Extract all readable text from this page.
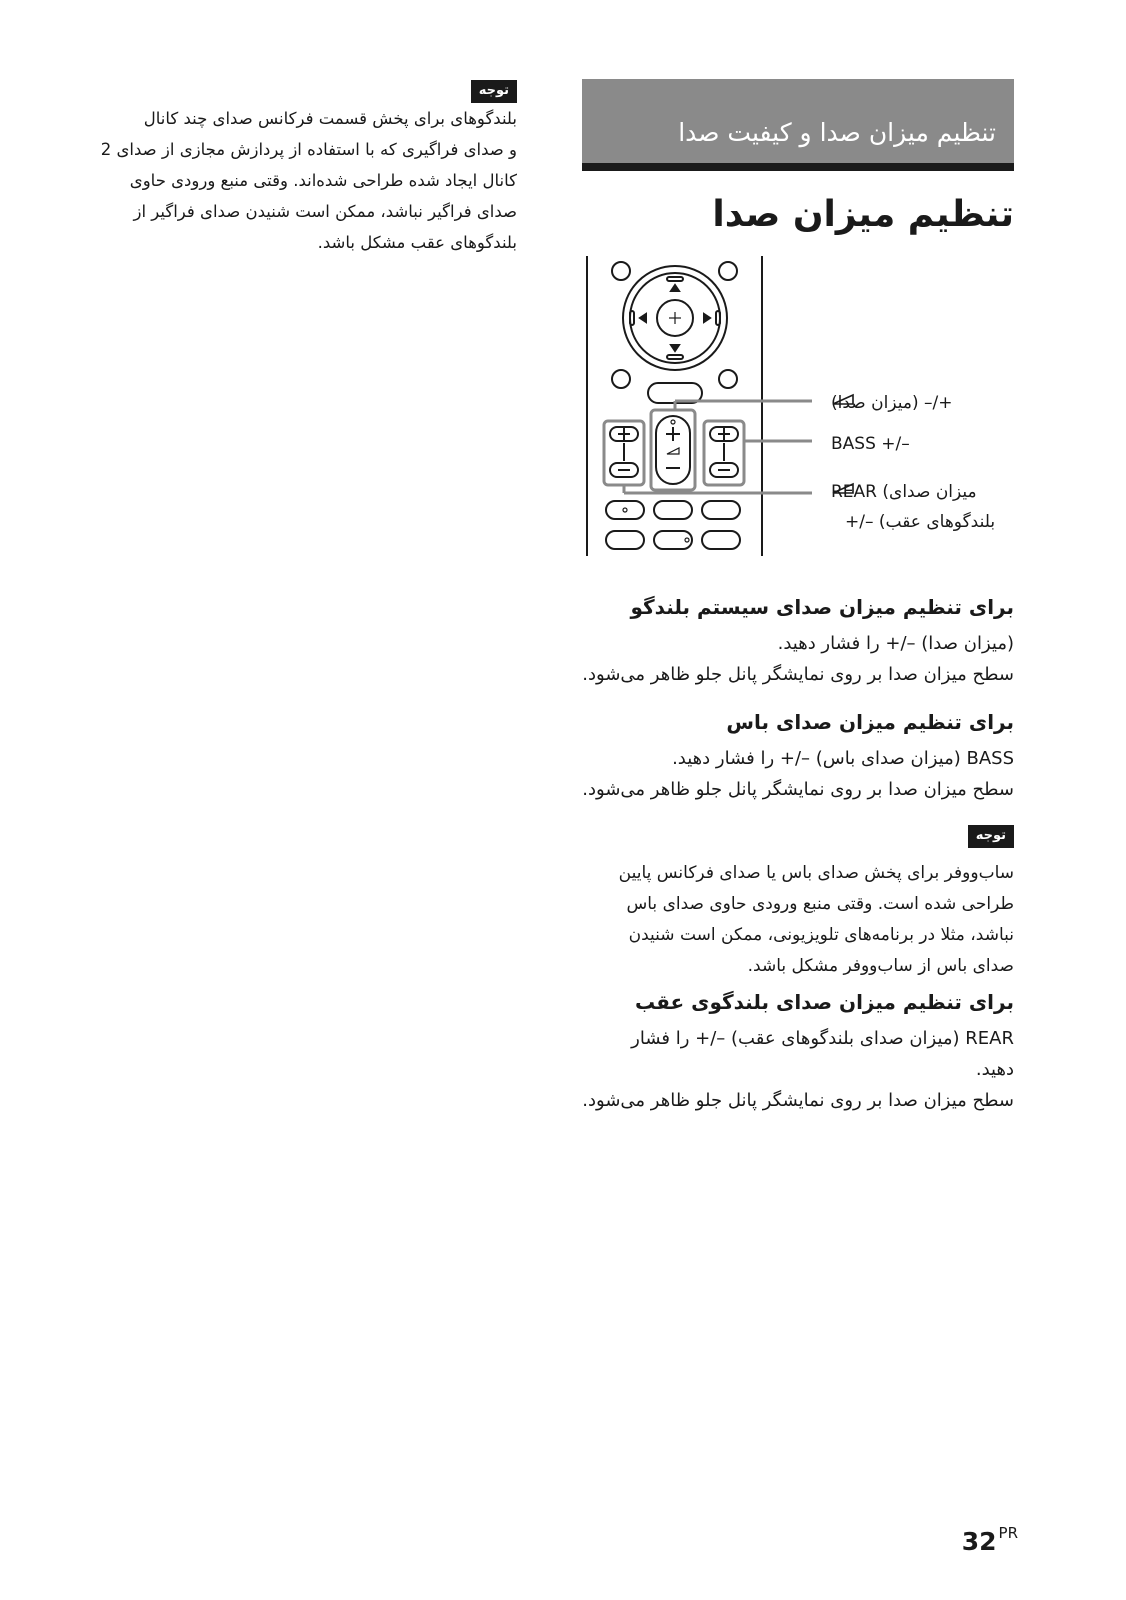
توجه
بلندگوهای برای پخش قسمت فرکانس صدای چند کانال
و صدای فراگیری که با استفاده از پردازش مجازی از صدای 2
کانال ایجاد شده طراحی شده‌اند. وقتی منبع ورودی حاوی
صدای فراگیر نباشد، ممکن است شنیدن صدای فراگیر از
بلندگوهای عقب مشکل باشد.
تنظیم میزان صدا و کیفیت صدا
تنظیم میزان صدا
(میزان صدا) –/+
BASS +/–
REAR (میزان صدای
بلندگوهای عقب) –/+
برای تنظیم میزان صدای سیستم بلندگو

(میزان صدا) –/+ را فشار دهید.

سطح میزان صدا بر روی نمایشگر پانل جلو ظاهر می‌شود.

برای تنظیم میزان صدای باس

BASS (میزان صدای باس) –/+ را فشار دهید.

سطح میزان صدا بر روی نمایشگر پانل جلو ظاهر می‌شود.

توجه
ساب‌ووفر برای پخش صدای باس یا صدای فرکانس پایین
طراحی شده است. وقتی منبع ورودی حاوی صدای باس
نباشد، مثلا در برنامه‌های تلویزیونی، ممکن است شنیدن
صدای باس از ساب‌ووفر مشکل باشد.
برای تنظیم میزان صدای بلندگوی عقب

REAR (میزان صدای بلندگوهای عقب) –/+ را فشار

دهید.

سطح میزان صدا بر روی نمایشگر پانل جلو ظاهر می‌شود.

32 PR
